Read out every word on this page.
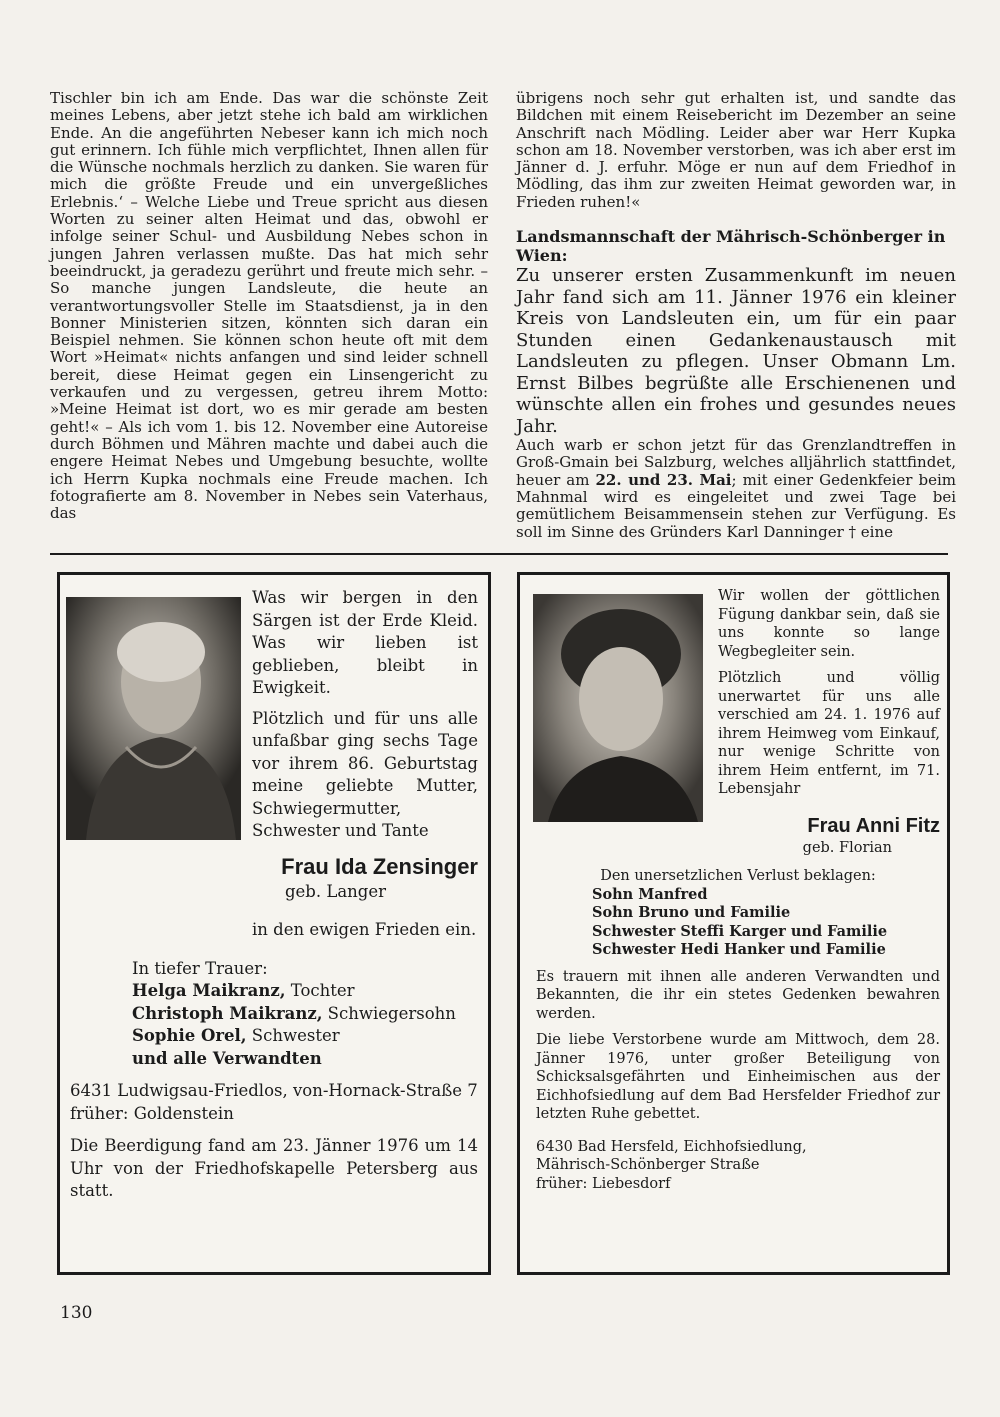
Tischler bin ich am Ende. Das war die schönste Zeit meines Lebens, aber jetzt stehe ich bald am wirklichen Ende. An die angeführten Nebeser kann ich mich noch gut erinnern. Ich fühle mich verpflichtet, Ihnen allen für die Wünsche nochmals herzlich zu danken. Sie waren für mich die größte Freude und ein unvergeßliches Erlebnis.‘ – Welche Liebe und Treue spricht aus diesen Worten zu seiner alten Heimat und das, obwohl er infolge seiner Schul- und Ausbildung Nebes schon in jungen Jahren verlassen mußte. Das hat mich sehr beeindruckt, ja geradezu gerührt und freute mich sehr. – So manche jungen Landsleute, die heute an verantwortungsvoller Stelle im Staatsdienst, ja in den Bonner Ministerien sitzen, könnten sich daran ein Beispiel nehmen. Sie können schon heute oft mit dem Wort »Heimat« nichts anfangen und sind leider schnell bereit, diese Heimat gegen ein Linsengericht zu verkaufen und zu vergessen, getreu ihrem Motto: »Meine Heimat ist dort, wo es mir gerade am besten geht!« – Als ich vom 1. bis 12. November eine Autoreise durch Böhmen und Mähren machte und dabei auch die engere Heimat Nebes und Umgebung besuchte, wollte ich Herrn Kupka nochmals eine Freude machen. Ich fotografierte am 8. November in Nebes sein Vaterhaus, das

übrigens noch sehr gut erhalten ist, und sandte das Bildchen mit einem Reisebericht im Dezember an seine Anschrift nach Mödling. Leider aber war Herr Kupka schon am 18. November verstorben, was ich aber erst im Jänner d. J. erfuhr. Möge er nun auf dem Friedhof in Mödling, das ihm zur zweiten Heimat geworden war, in Frieden ruhen!«

Landsmannschaft der Mährisch-Schönberger in Wien:

Zu unserer ersten Zusammenkunft im neuen Jahr fand sich am 11. Jänner 1976 ein kleiner Kreis von Landsleuten ein, um für ein paar Stunden einen Gedankenaustausch mit Landsleuten zu pflegen. Unser Obmann Lm. Ernst Bilbes begrüßte alle Erschienenen und wünschte allen ein frohes und gesundes neues Jahr.

Auch warb er schon jetzt für das Grenzlandtreffen in Groß-Gmain bei Salzburg, welches alljährlich stattfindet, heuer am 22. und 23. Mai; mit einer Gedenkfeier beim Mahnmal wird es eingeleitet und zwei Tage bei gemütlichem Beisammensein stehen zur Verfügung. Es soll im Sinne des Gründers Karl Danninger † eine

Was wir bergen in den Särgen ist der Erde Kleid. Was wir lieben ist geblieben, bleibt in Ewigkeit.

Plötzlich und für uns alle unfaßbar ging sechs Tage vor ihrem 86. Geburtstag meine geliebte Mutter, Schwiegermutter, Schwester und Tante

Frau Ida Zensinger
geb. Langer

in den ewigen Frieden ein.

In tiefer Trauer:
Helga Maikranz, Tochter
Christoph Maikranz, Schwiegersohn
Sophie Orel, Schwester
und alle Verwandten

6431 Ludwigsau-Friedlos, von-Hornack-Straße 7

früher: Goldenstein

Die Beerdigung fand am 23. Jänner 1976 um 14 Uhr von der Friedhofskapelle Petersberg aus statt.

Wir wollen der göttlichen Fügung dankbar sein, daß sie uns konnte so lange Wegbegleiter sein.

Plötzlich und völlig unerwartet für uns alle verschied am 24. 1. 1976 auf ihrem Heimweg vom Einkauf, nur wenige Schritte von ihrem Heim entfernt, im 71. Lebensjahr

Frau Anni Fitz
geb. Florian
Den unersetzlichen Verlust beklagen:
Sohn Manfred
Sohn Bruno und Familie
Schwester Steffi Karger und Familie
Schwester Hedi Hanker und Familie

Es trauern mit ihnen alle anderen Verwandten und Bekannten, die ihr ein stetes Gedenken bewahren werden.

Die liebe Verstorbene wurde am Mittwoch, dem 28. Jänner 1976, unter großer Beteiligung von Schicksalsgefährten und Einheimischen aus der Eichhofsiedlung auf dem Bad Hersfelder Friedhof zur letzten Ruhe gebettet.

6430 Bad Hersfeld, Eichhofsiedlung,

Mährisch-Schönberger Straße

früher: Liebesdorf

130
